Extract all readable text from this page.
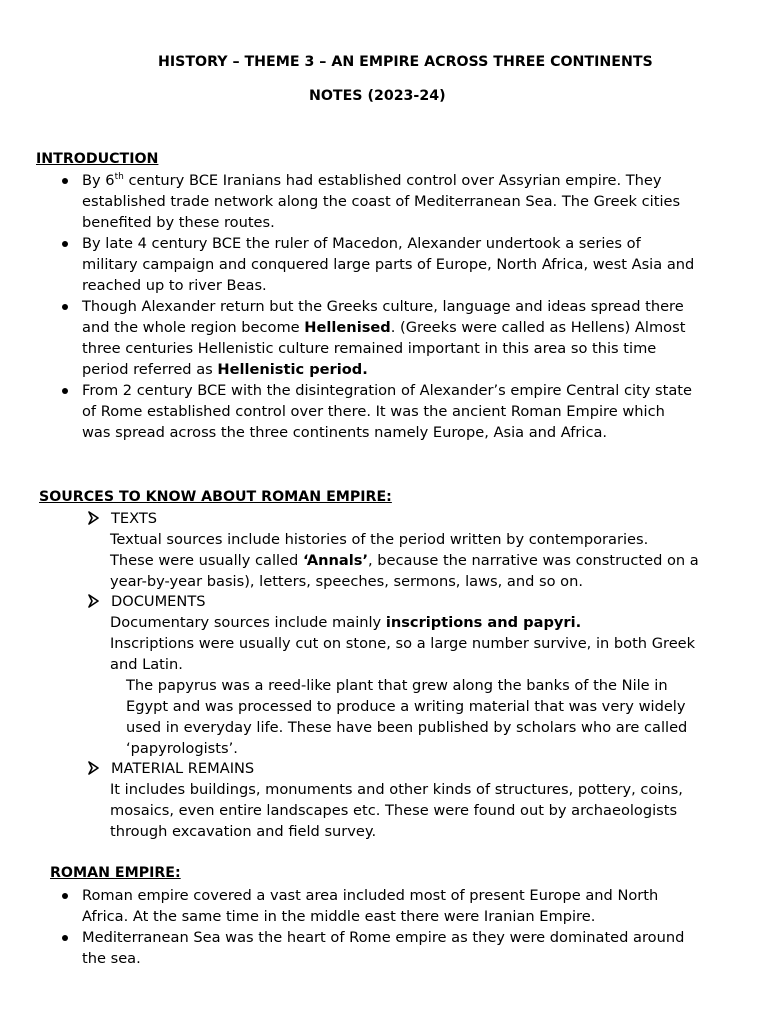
HISTORY – THEME 3 – AN EMPIRE ACROSS THREE CONTINENTS
NOTES (2023-24)
INTRODUCTION
By 6th century BCE Iranians had established control over Assyrian empire. They
established trade network along the coast of Mediterranean Sea. The Greek cities
benefited by these routes.
By late 4 century BCE the ruler of Macedon, Alexander undertook a series of
military campaign and conquered large parts of Europe, North Africa, west Asia and
reached up to river Beas.
Though Alexander return but the Greeks culture, language and ideas spread there
and the whole region become Hellenised. (Greeks were called as Hellens) Almost
three centuries Hellenistic culture remained important in this area so this time
period referred as Hellenistic period.
From 2 century BCE with the disintegration of Alexander’s empire Central city state
of Rome established control over there. It was the ancient Roman Empire which
was spread across the three continents namely Europe, Asia and Africa.
SOURCES TO KNOW ABOUT ROMAN EMPIRE:
TEXTS
Textual sources include histories of the period written by contemporaries.
These were usually called ‘Annals’, because the narrative was constructed on a
year-by-year basis), letters, speeches, sermons, laws, and so on.
DOCUMENTS
Documentary sources include mainly inscriptions and papyri.
Inscriptions were usually cut on stone, so a large number survive, in both Greek
and Latin.
The papyrus was a reed-like plant that grew along the banks of the Nile in
Egypt and was processed to produce a writing material that was very widely
used in everyday life. These have been published by scholars who are called
‘papyrologists’.
MATERIAL REMAINS
It includes buildings, monuments and other kinds of structures, pottery, coins,
mosaics, even entire landscapes etc. These were found out by archaeologists
through excavation and field survey.
ROMAN EMPIRE:
Roman empire covered a vast area included most of present Europe and North
Africa. At the same time in the middle east there were Iranian Empire.
Mediterranean Sea was the heart of Rome empire as they were dominated around
the sea.
